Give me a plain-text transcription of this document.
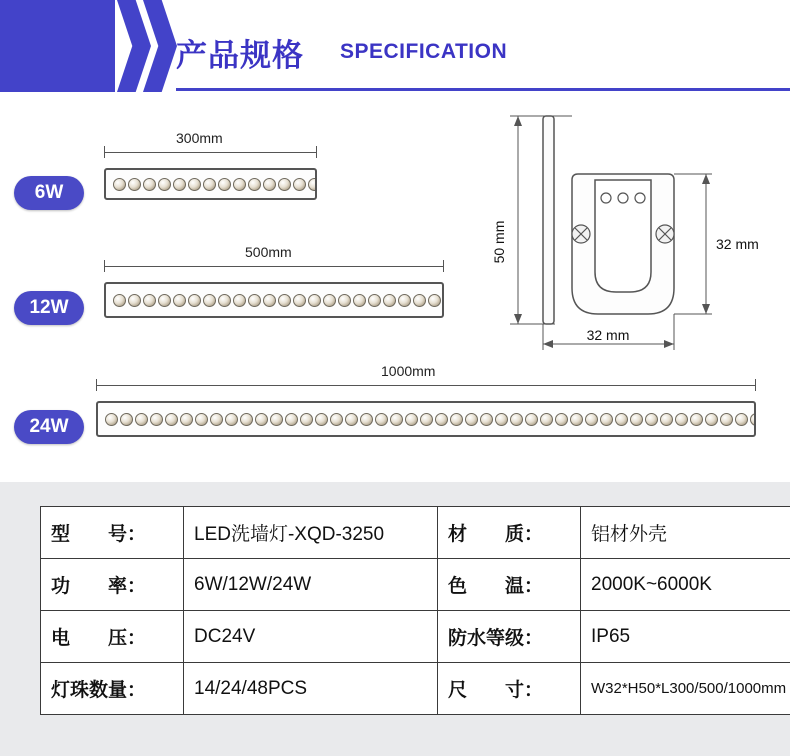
产品规格 SPECIFICATION
6W
300mm
12W
500mm
24W
1000mm
50 mm	32 mm
32 mm
型　　号：	LED洗墙灯-XQD-3250	材　　质：	铝材外壳
功　　率：	6W/12W/24W	色　　温：	2000K~6000K
电　　压：	DC24V	防水等级：	IP65
灯珠数量：	14/24/48PCS	尺　　寸：	W32*H50*L300/500/1000mm
